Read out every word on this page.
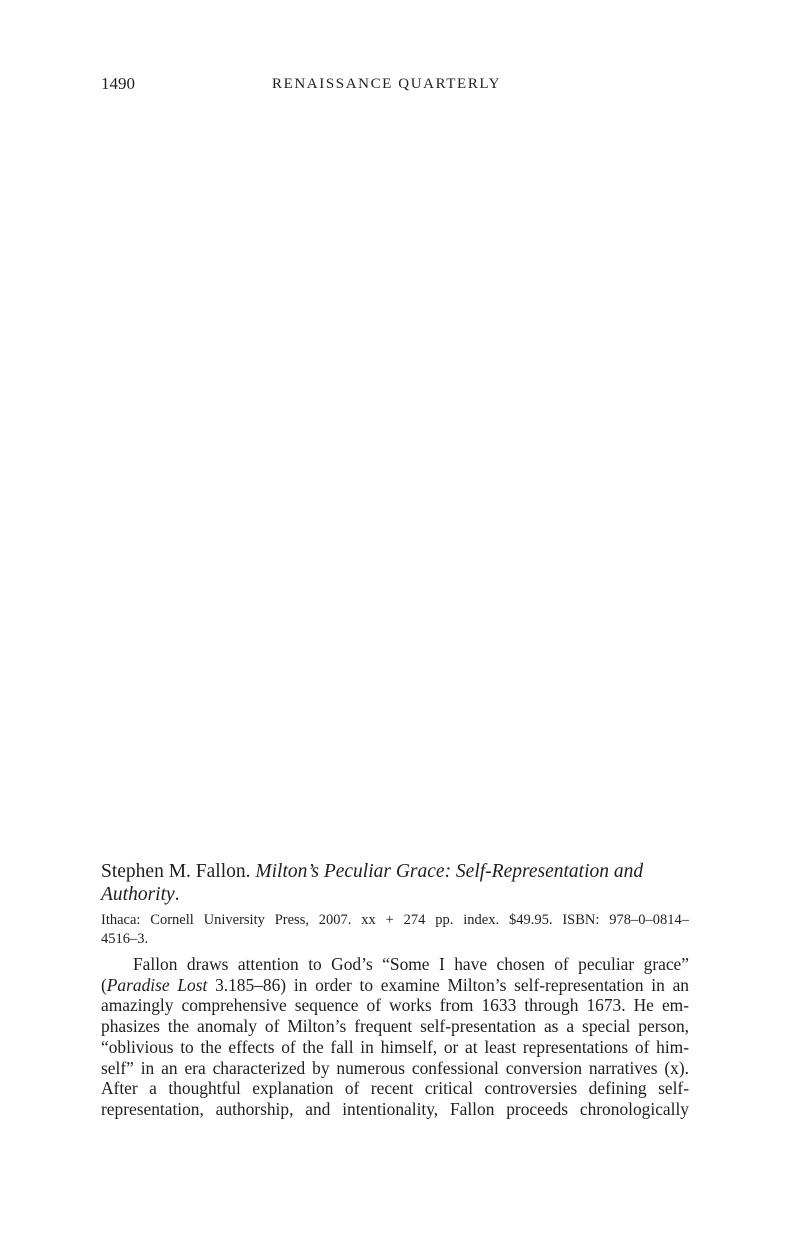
1490	RENAISSANCE QUARTERLY

Stephen M. Fallon. Milton’s Peculiar Grace: Self-Representation and
Authority.

Ithaca: Cornell University Press, 2007. xx + 274 pp. index. $49.95. ISBN: 978–0–0814–
4516–3.
Fallon draws attention to God’s “Some I have chosen of peculiar grace”
(Paradise Lost 3.185–86) in order to examine Milton’s self-representation in an
amazingly comprehensive sequence of works from 1633 through 1673. He em-
phasizes the anomaly of Milton’s frequent self-presentation as a special person,
“oblivious to the effects of the fall in himself, or at least representations of him-
self” in an era characterized by numerous confessional conversion narratives (x).
After a thoughtful explanation of recent critical controversies defining self-
representation, authorship, and intentionality, Fallon proceeds chronologically
